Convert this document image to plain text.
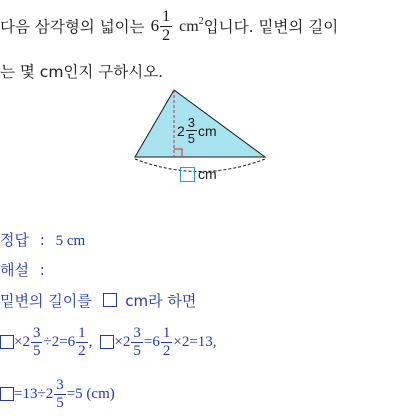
다음 삼각형의 넓이는 $6 \frac{1}{2} cm^2$ 입니다. 밑변의 길이
는 몇 cm인지 구하시오.
$2 \frac{3}{5}$ cm
cm
정답 : 5 cm
해설 :
밑변의 길이를 cm라 하면
$\times 2 \frac{3}{5} \div 2=6 \frac{1}{2}$ , $\times 2 \frac{3}{5} =6 \frac{1}{2} \times 2=13$,
$=13\div 2 \frac{3}{5} =5$ (cm)
